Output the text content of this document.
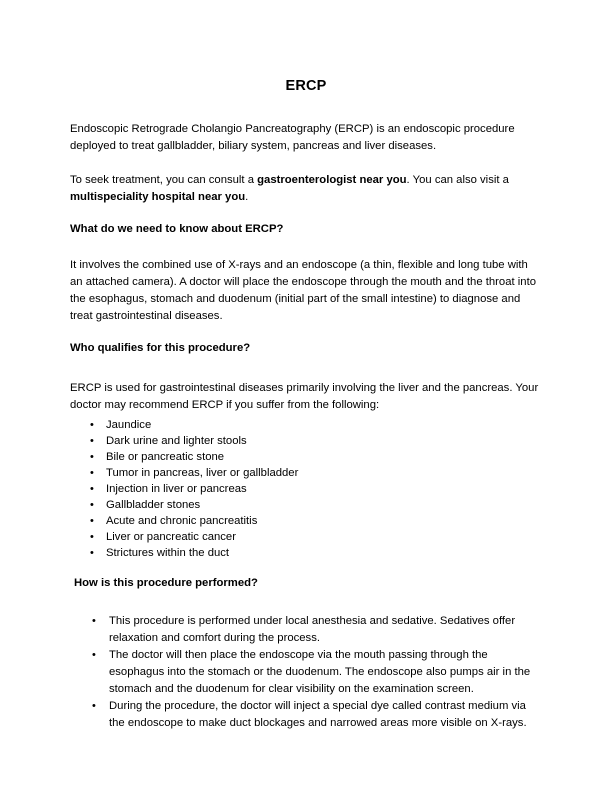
ERCP

Endoscopic Retrograde Cholangio Pancreatography (ERCP) is an endoscopic procedure deployed to treat gallbladder, biliary system, pancreas and liver diseases.

To seek treatment, you can consult a gastroenterologist near you. You can also visit a multispeciality hospital near you.

What do we need to know about ERCP?

It involves the combined use of X-rays and an endoscope (a thin, flexible and long tube with an attached camera). A doctor will place the endoscope through the mouth and the throat into the esophagus, stomach and duodenum (initial part of the small intestine) to diagnose and treat gastrointestinal diseases.

Who qualifies for this procedure?

ERCP is used for gastrointestinal diseases primarily involving the liver and the pancreas. Your doctor may recommend ERCP if you suffer from the following:

• Jaundice
• Dark urine and lighter stools
• Bile or pancreatic stone
• Tumor in pancreas, liver or gallbladder
• Injection in liver or pancreas
• Gallbladder stones
• Acute and chronic pancreatitis
• Liver or pancreatic cancer
• Strictures within the duct
How is this procedure performed?
• This procedure is performed under local anesthesia and sedative. Sedatives offer relaxation and comfort during the process.
• The doctor will then place the endoscope via the mouth passing through the esophagus into the stomach or the duodenum. The endoscope also pumps air in the stomach and the duodenum for clear visibility on the examination screen.
• During the procedure, the doctor will inject a special dye called contrast medium via the endoscope to make duct blockages and narrowed areas more visible on X-rays.
